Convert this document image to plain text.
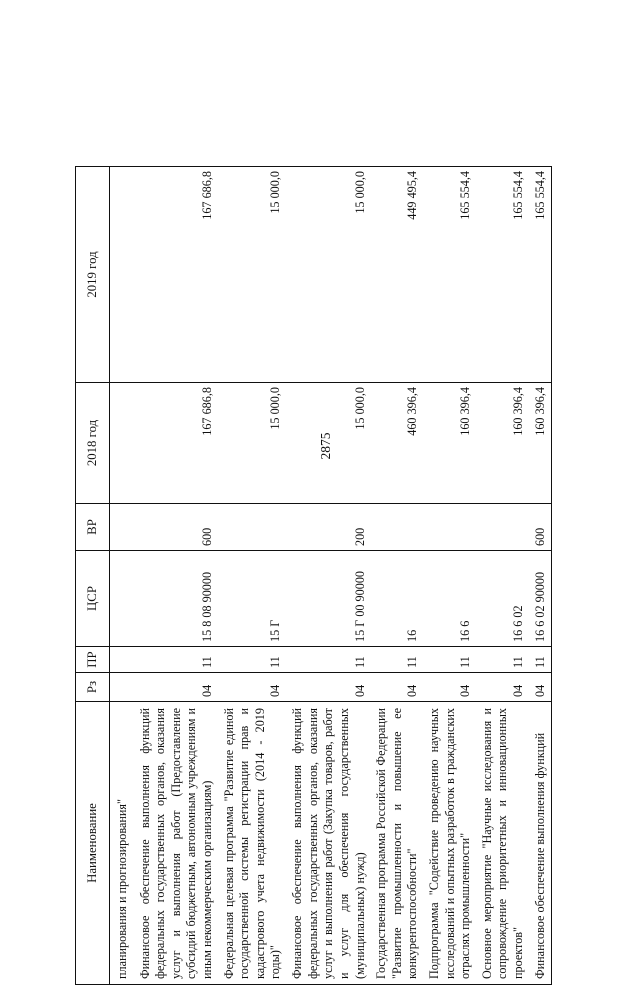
2875
Наименование	Рз	ПР	ЦСР	ВР	2018 год	2019 год
планирования и прогнозирования"						
Финансовое обеспечение выполнения функций федеральных государственных органов, оказания услуг и выполнения работ (Предоставление субсидий бюджетным, автономным учреждениям и иным некоммерческим организациям)	04	11	15 8 08 90000	600	167 686,8	167 686,8
Федеральная целевая программа "Развитие единой государственной системы регистрации прав и кадастрового учета недвижимости (2014 - 2019 годы)"	04	11	15 Г		15 000,0	15 000,0
Финансовое обеспечение выполнения функций федеральных государственных органов, оказания услуг и выполнения работ (Закупка товаров, работ и услуг для обеспечения государственных (муниципальных) нужд)	04	11	15 Г 00 90000	200	15 000,0	15 000,0
Государственная программа Российской Федерации "Развитие промышленности и повышение ее конкурентоспособности"	04	11	16		460 396,4	449 495,4
Подпрограмма "Содействие проведению научных исследований и опытных разработок в гражданских отраслях промышленности"	04	11	16 6		160 396,4	165 554,4
Основное мероприятие "Научные исследования и сопровождение приоритетных и инновационных проектов"	04	11	16 6 02		160 396,4	165 554,4
Финансовое обеспечение выполнения функций	04	11	16 6 02 90000	600	160 396,4	165 554,4
